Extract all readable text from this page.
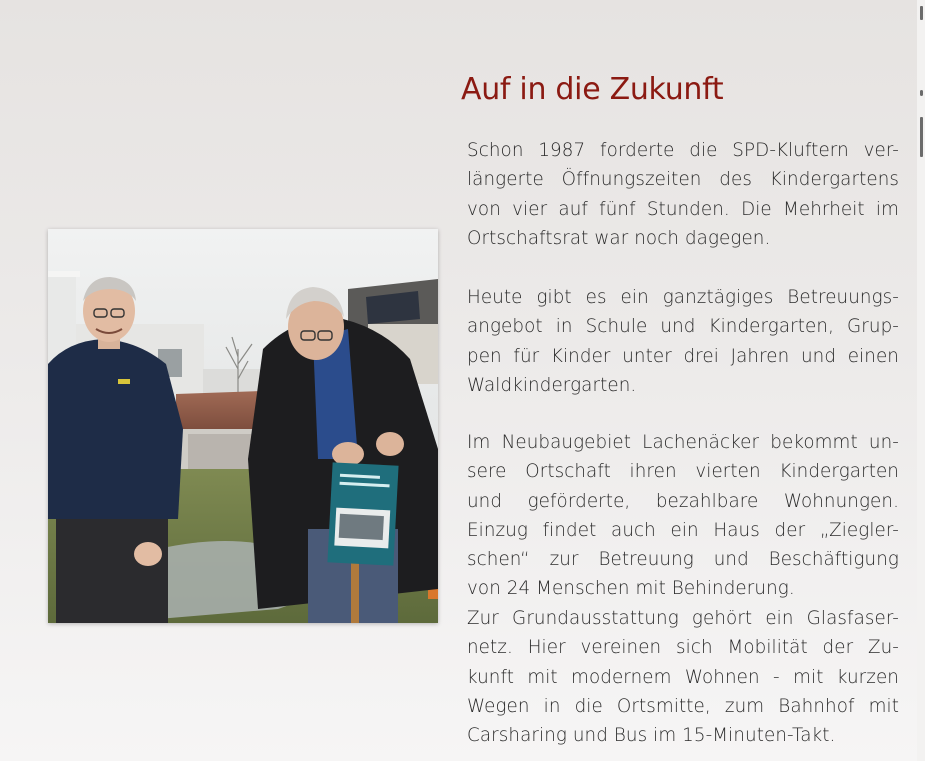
Auf in die Zukunft

Schon 1987 forderte die SPD-Kluftern ver-
längerte Öffnungszeiten des Kindergartens
von vier auf fünf Stunden. Die Mehrheit im
Ortschaftsrat war noch dagegen.

Heute gibt es ein ganztägiges Betreuungs-
angebot in Schule und Kindergarten, Grup-
pen für Kinder unter drei Jahren und einen
Waldkindergarten.

Im Neubaugebiet Lachenäcker bekommt un-
sere Ortschaft ihren vierten Kindergarten
und geförderte, bezahlbare Wohnungen.
Einzug findet auch ein Haus der „Ziegler-
schen“ zur Betreuung und Beschäftigung
von 24 Menschen mit Behinderung.

Zur Grundausstattung gehört ein Glasfaser-
netz. Hier vereinen sich Mobilität der Zu-
kunft mit modernem Wohnen - mit kurzen
Wegen in die Ortsmitte, zum Bahnhof mit
Carsharing und Bus im 15-Minuten-Takt.
